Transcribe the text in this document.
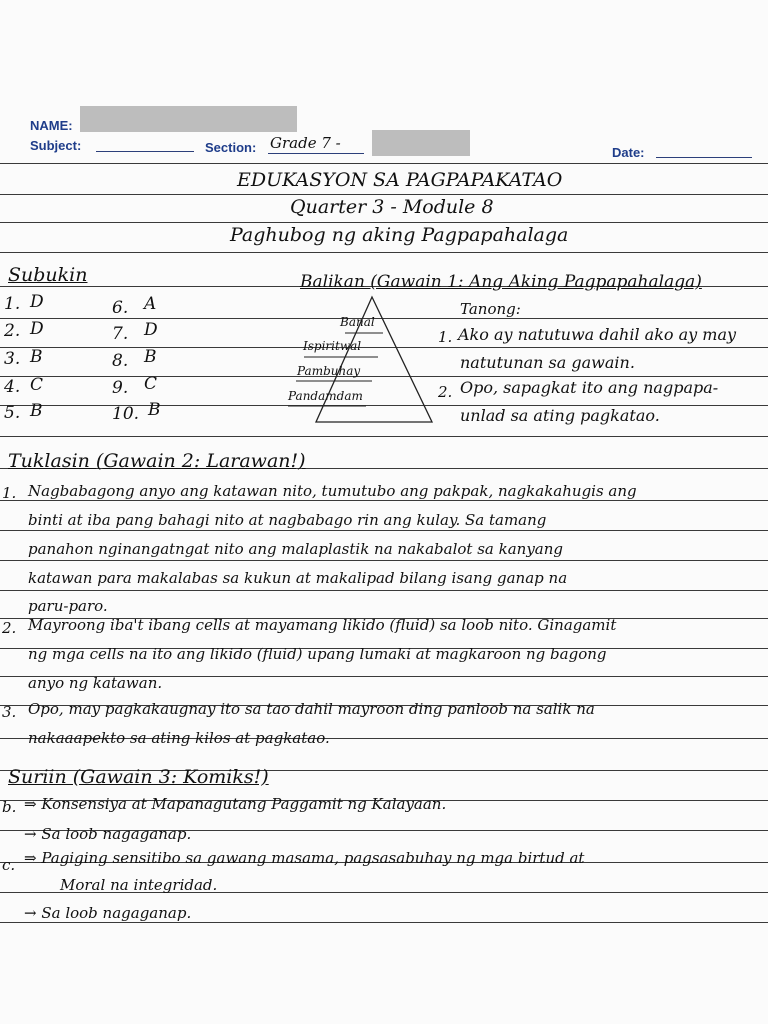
NAME:
Subject:	Section: Grade 7 -
Date:
EDUKASYON SA PAGPAPAKATAO
Quarter 3 - Module 8
Paghubog ng aking Pagpapahalaga
Subukin
1. D
2. D
3. B
4. C
5. B
6. A
7. D
8. B
9. C
10. B
Balikan (Gawain 1: Ang Aking Pagpapahalaga)
Banal
Ispiritwal
Pambuhay
Pandamdam
Tanong:
1. Ako ay natutuwa dahil ako ay may
natutunan sa gawain.
2. Opo, sapagkat ito ang nagpapa-
unlad sa ating pagkatao.
Tuklasin (Gawain 2: Larawan!)
1. Nagbabagong anyo ang katawan nito, tumutubo ang pakpak, nagkakahugis ang
binti at iba pang bahagi nito at nagbabago rin ang kulay. Sa tamang
panahon nginangatngat nito ang malaplastik na nakabalot sa kanyang
katawan para makalabas sa kukun at makalipad bilang isang ganap na
paru-paro.
2. Mayroong iba't ibang cells at mayamang likido (fluid) sa loob nito. Ginagamit
ng mga cells na ito ang likido (fluid) upang lumaki at magkaroon ng bagong
anyo ng katawan.
3. Opo, may pagkakaugnay ito sa tao dahil mayroon ding panloob na salik na
nakaaapekto sa ating kilos at pagkatao.
Suriin (Gawain 3: Komiks!)
b. ⇒ Konsensiya at Mapanagutang Paggamit ng Kalayaan.
→ Sa loob nagaganap.
c. ⇒ Pagiging sensitibo sa gawang masama, pagsasabuhay ng mga birtud at
Moral na integridad.
→ Sa loob nagaganap.
